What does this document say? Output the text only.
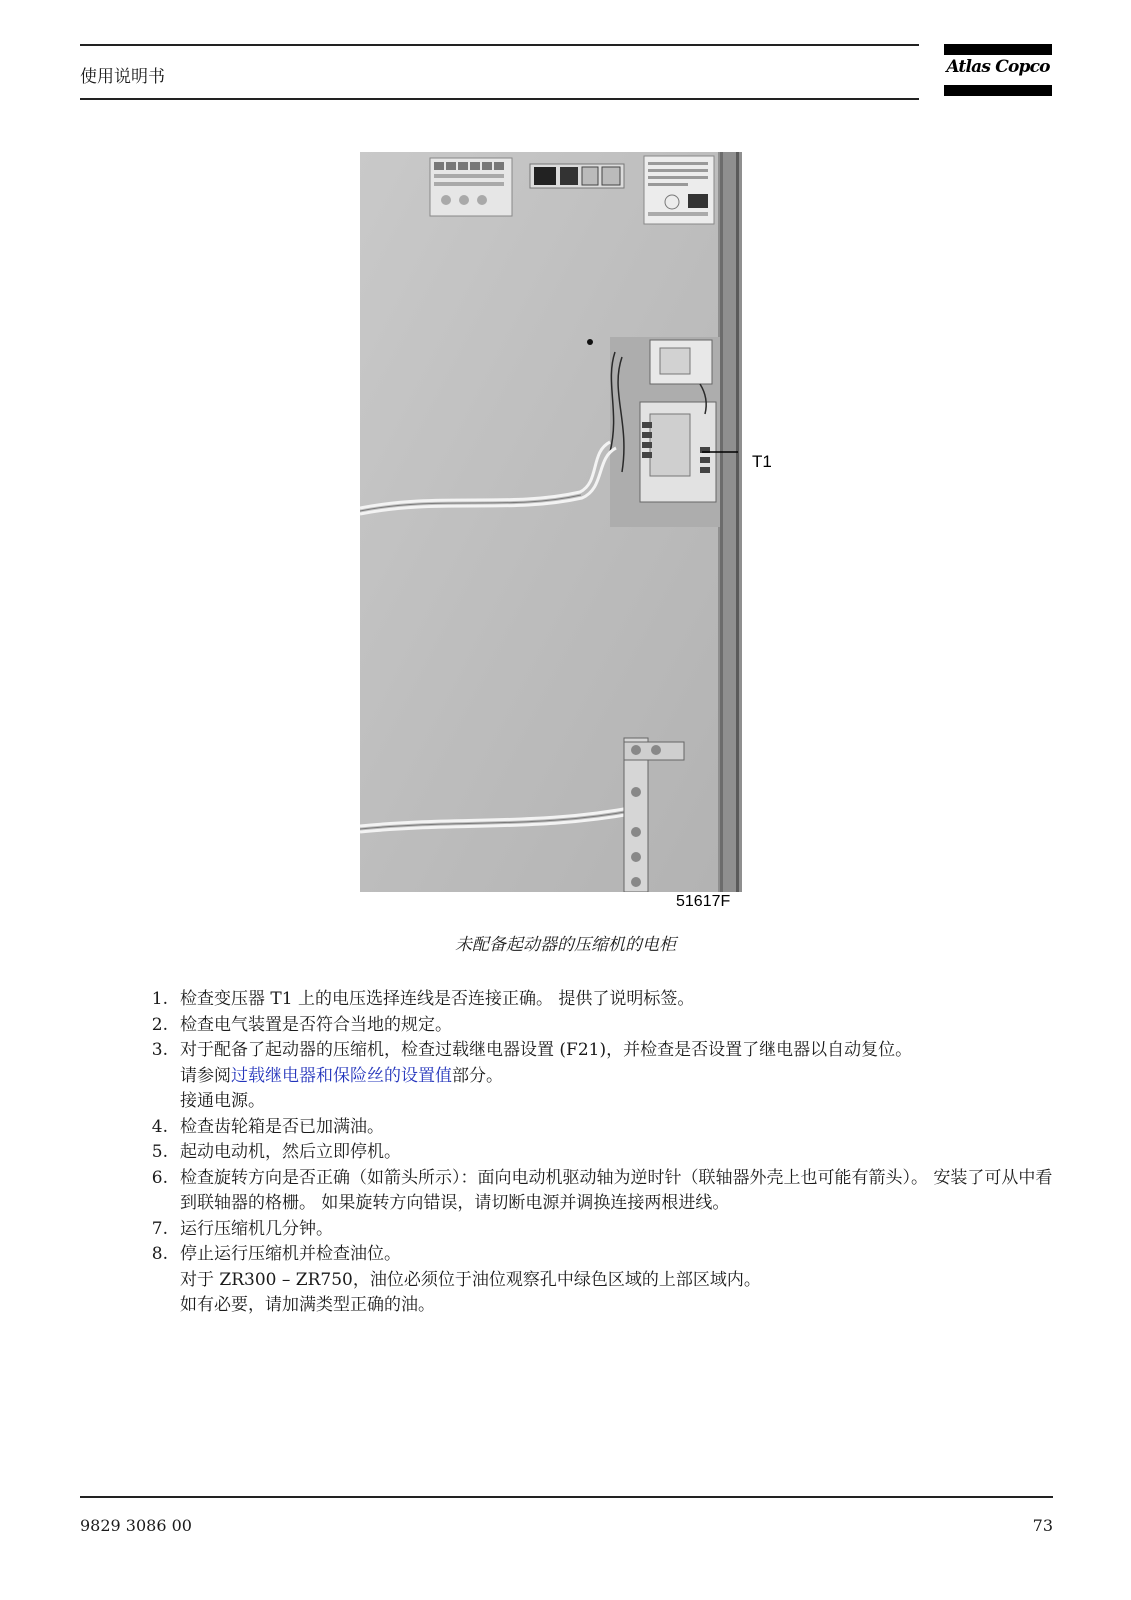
使用说明书	Atlas Copco
T1
51617F
未配备起动器的压缩机的电柜
1. 检查变压器 T1 上的电压选择连线是否连接正确。 提供了说明标签。
2. 检查电气装置是否符合当地的规定。
3. 对于配备了起动器的压缩机，检查过载继电器设置 (F21)，并检查是否设置了继电器以自动复位。
请参阅过载继电器和保险丝的设置值部分。
接通电源。
4. 检查齿轮箱是否已加满油。
5. 起动电动机，然后立即停机。
6. 检查旋转方向是否正确（如箭头所示）：面向电动机驱动轴为逆时针（联轴器外壳上也可能有箭头）。 安装了可从中看到联轴器的格栅。 如果旋转方向错误，请切断电源并调换连接两根进线。
7. 运行压缩机几分钟。
8. 停止运行压缩机并检查油位。
对于 ZR300 – ZR750，油位必须位于油位观察孔中绿色区域的上部区域内。
如有必要，请加满类型正确的油。
9829 3086 00	73
